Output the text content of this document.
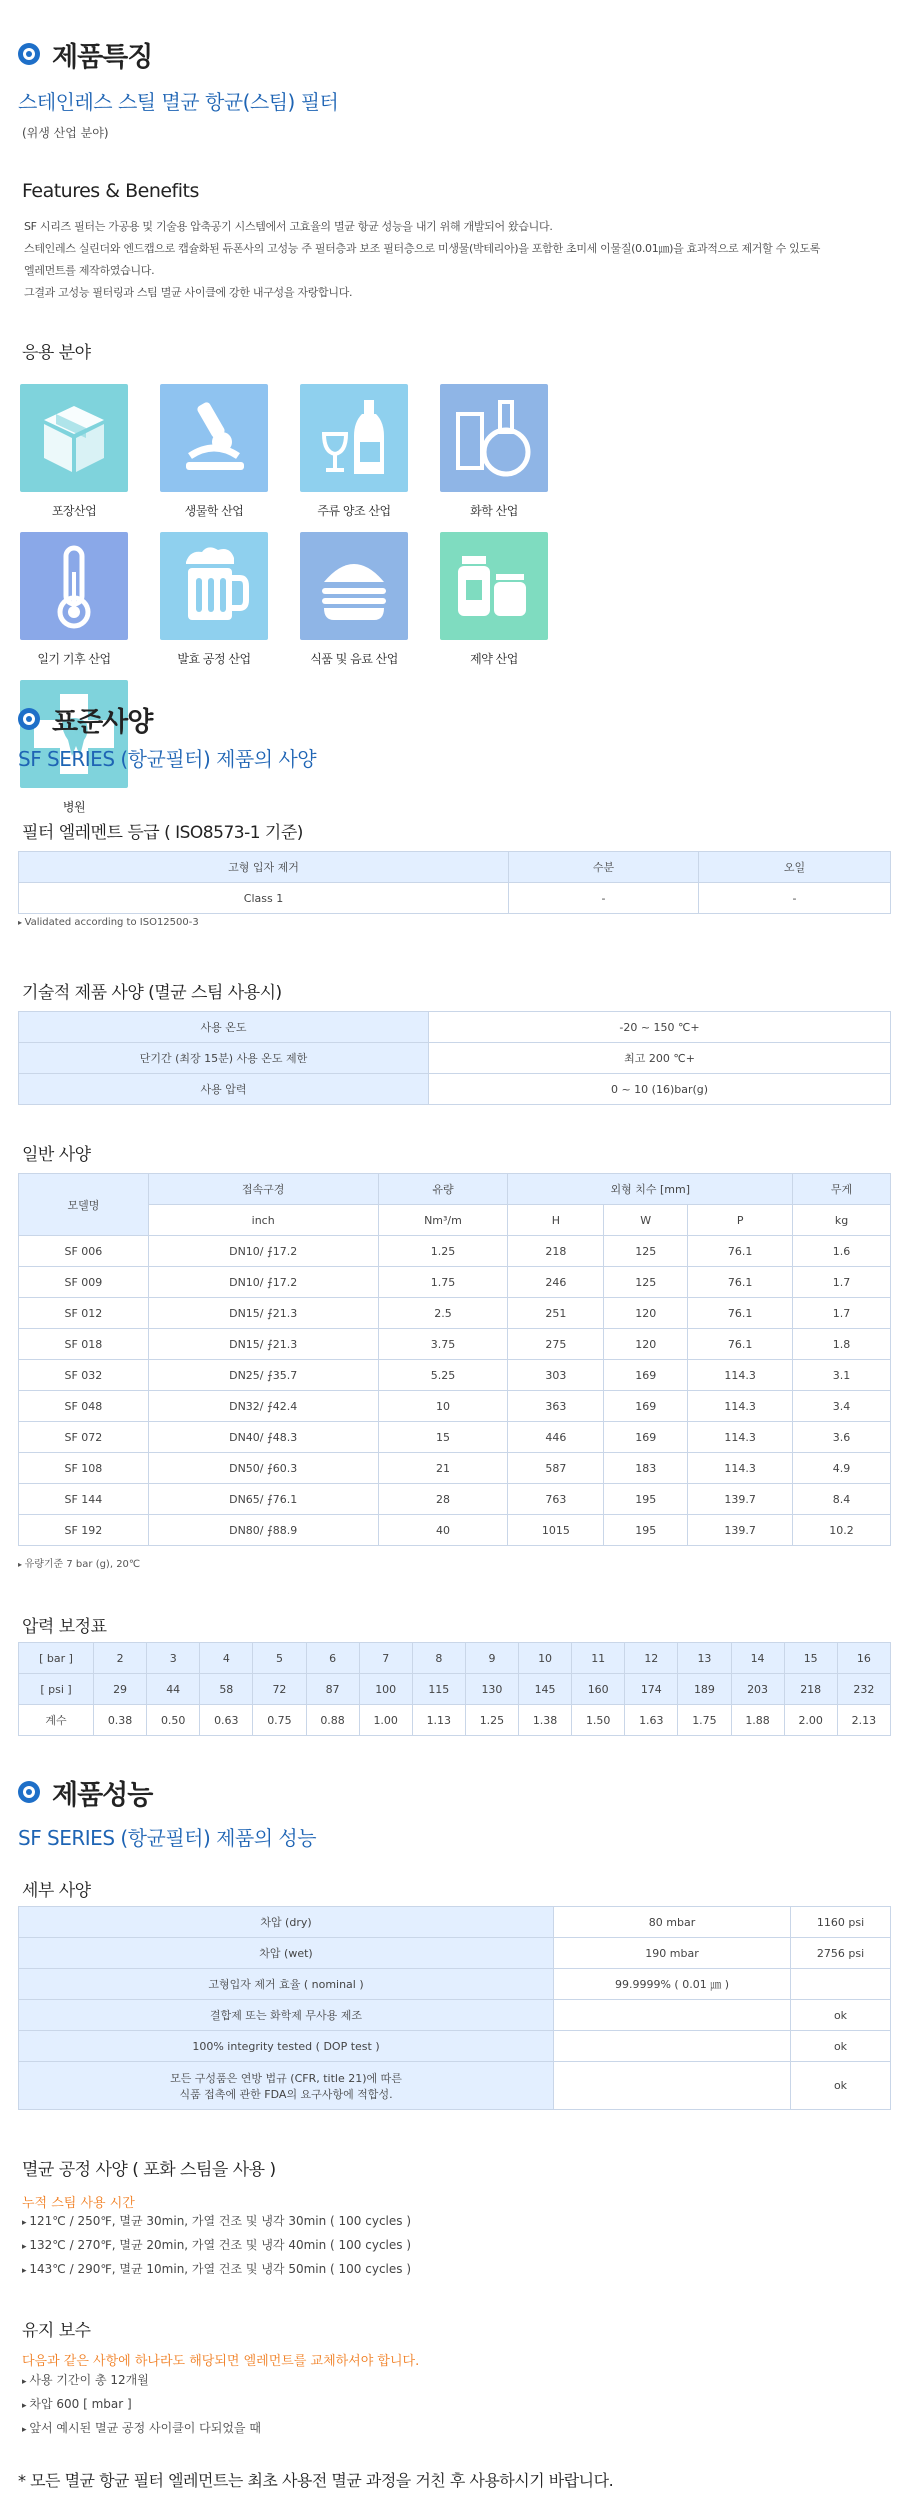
제품특징
스테인레스 스틸 멸균 항균(스팀) 필터
(위생 산업 분야)
Features & Benefits
SF 시리즈 필터는 가공용 및 기술용 압축공기 시스템에서 고효율의 멸균 항균 성능을 내기 위해 개발되어 왔습니다.
스테인레스 실린더와 엔드캡으로 캡슐화된 듀폰사의 고성능 주 필터층과 보조 필터층으로 미생물(박테리아)을 포함한 초미세 이물질(0.01㎛)을 효과적으로 제거할 수 있도록
엘레먼트를 제작하였습니다.
그결과 고성능 필터링과 스팀 멸균 사이클에 강한 내구성을 자랑합니다.
응용 분야
포장산업	생물학 산업	주류 양조 산업	화학 산업
일기 기후 산업	발효 공정 산업	식품 및 음료 산업	제약 산업
병원
표준사양
SF SERIES (항균필터) 제품의 사양
필터 엘레멘트 등급 ( ISO8573-1 기준)
고형 입자 제거	수분	오일
Class 1	-	-
▸ Validated according to ISO12500-3
기술적 제품 사양 (멸균 스팀 사용시)
사용 온도	-20 ~ 150 ℃+
단기간 (최장 15분) 사용 온도 제한	최고 200 ℃+
사용 압력	0 ~ 10 (16)bar(g)
일반 사양
모델명	접속구경	유량	외형 치수 [mm]			무게
	inch	Nm³/m	H	W	P	kg
SF 006	DN10/ ⨍17.2	1.25	218	125	76.1	1.6
SF 009	DN10/ ⨍17.2	1.75	246	125	76.1	1.7
SF 012	DN15/ ⨍21.3	2.5	251	120	76.1	1.7
SF 018	DN15/ ⨍21.3	3.75	275	120	76.1	1.8
SF 032	DN25/ ⨍35.7	5.25	303	169	114.3	3.1
SF 048	DN32/ ⨍42.4	10	363	169	114.3	3.4
SF 072	DN40/ ⨍48.3	15	446	169	114.3	3.6
SF 108	DN50/ ⨍60.3	21	587	183	114.3	4.9
SF 144	DN65/ ⨍76.1	28	763	195	139.7	8.4
SF 192	DN80/ ⨍88.9	40	1015	195	139.7	10.2
▸ 유량기준 7 bar (g), 20℃
압력 보정표
[ bar ]	2	3	4	5	6	7	8	9	10	11	12	13	14	15	16
[ psi ]	29	44	58	72	87	100	115	130	145	160	174	189	203	218	232
계수	0.38	0.50	0.63	0.75	0.88	1.00	1.13	1.25	1.38	1.50	1.63	1.75	1.88	2.00	2.13
제품성능
SF SERIES (항균필터) 제품의 성능
세부 사양
차압 (dry)	80 mbar	1160 psi
차압 (wet)	190 mbar	2756 psi
고형입자 제거 효율 ( nominal )	99.9999% ( 0.01 ㎛ )	
결합제 또는 화학제 무사용 제조		ok
100% integrity tested ( DOP test )		ok
모든 구성품은 연방 법규 (CFR, title 21)에 따른
식품 접촉에 관한 FDA의 요구사항에 적합성.		ok
멸균 공정 사양 ( 포화 스팀을 사용 )
누적 스팀 사용 시간
▸ 121℃ / 250℉, 멸균 30min, 가열 건조 및 냉각 30min ( 100 cycles )
▸ 132℃ / 270℉, 멸균 20min, 가열 건조 및 냉각 40min ( 100 cycles )
▸ 143℃ / 290℉, 멸균 10min, 가열 건조 및 냉각 50min ( 100 cycles )
유지 보수
다음과 같은 사항에 하나라도 해당되면 엘레먼트를 교체하셔야 합니다.
▸ 사용 기간이 총 12개월
▸ 차압 600 [ mbar ]
▸ 앞서 예시된 멸균 공정 사이클이 다되었을 때
* 모든 멸균 항균 필터 엘레먼트는 최초 사용전 멸균 과정을 거친 후 사용하시기 바랍니다.
